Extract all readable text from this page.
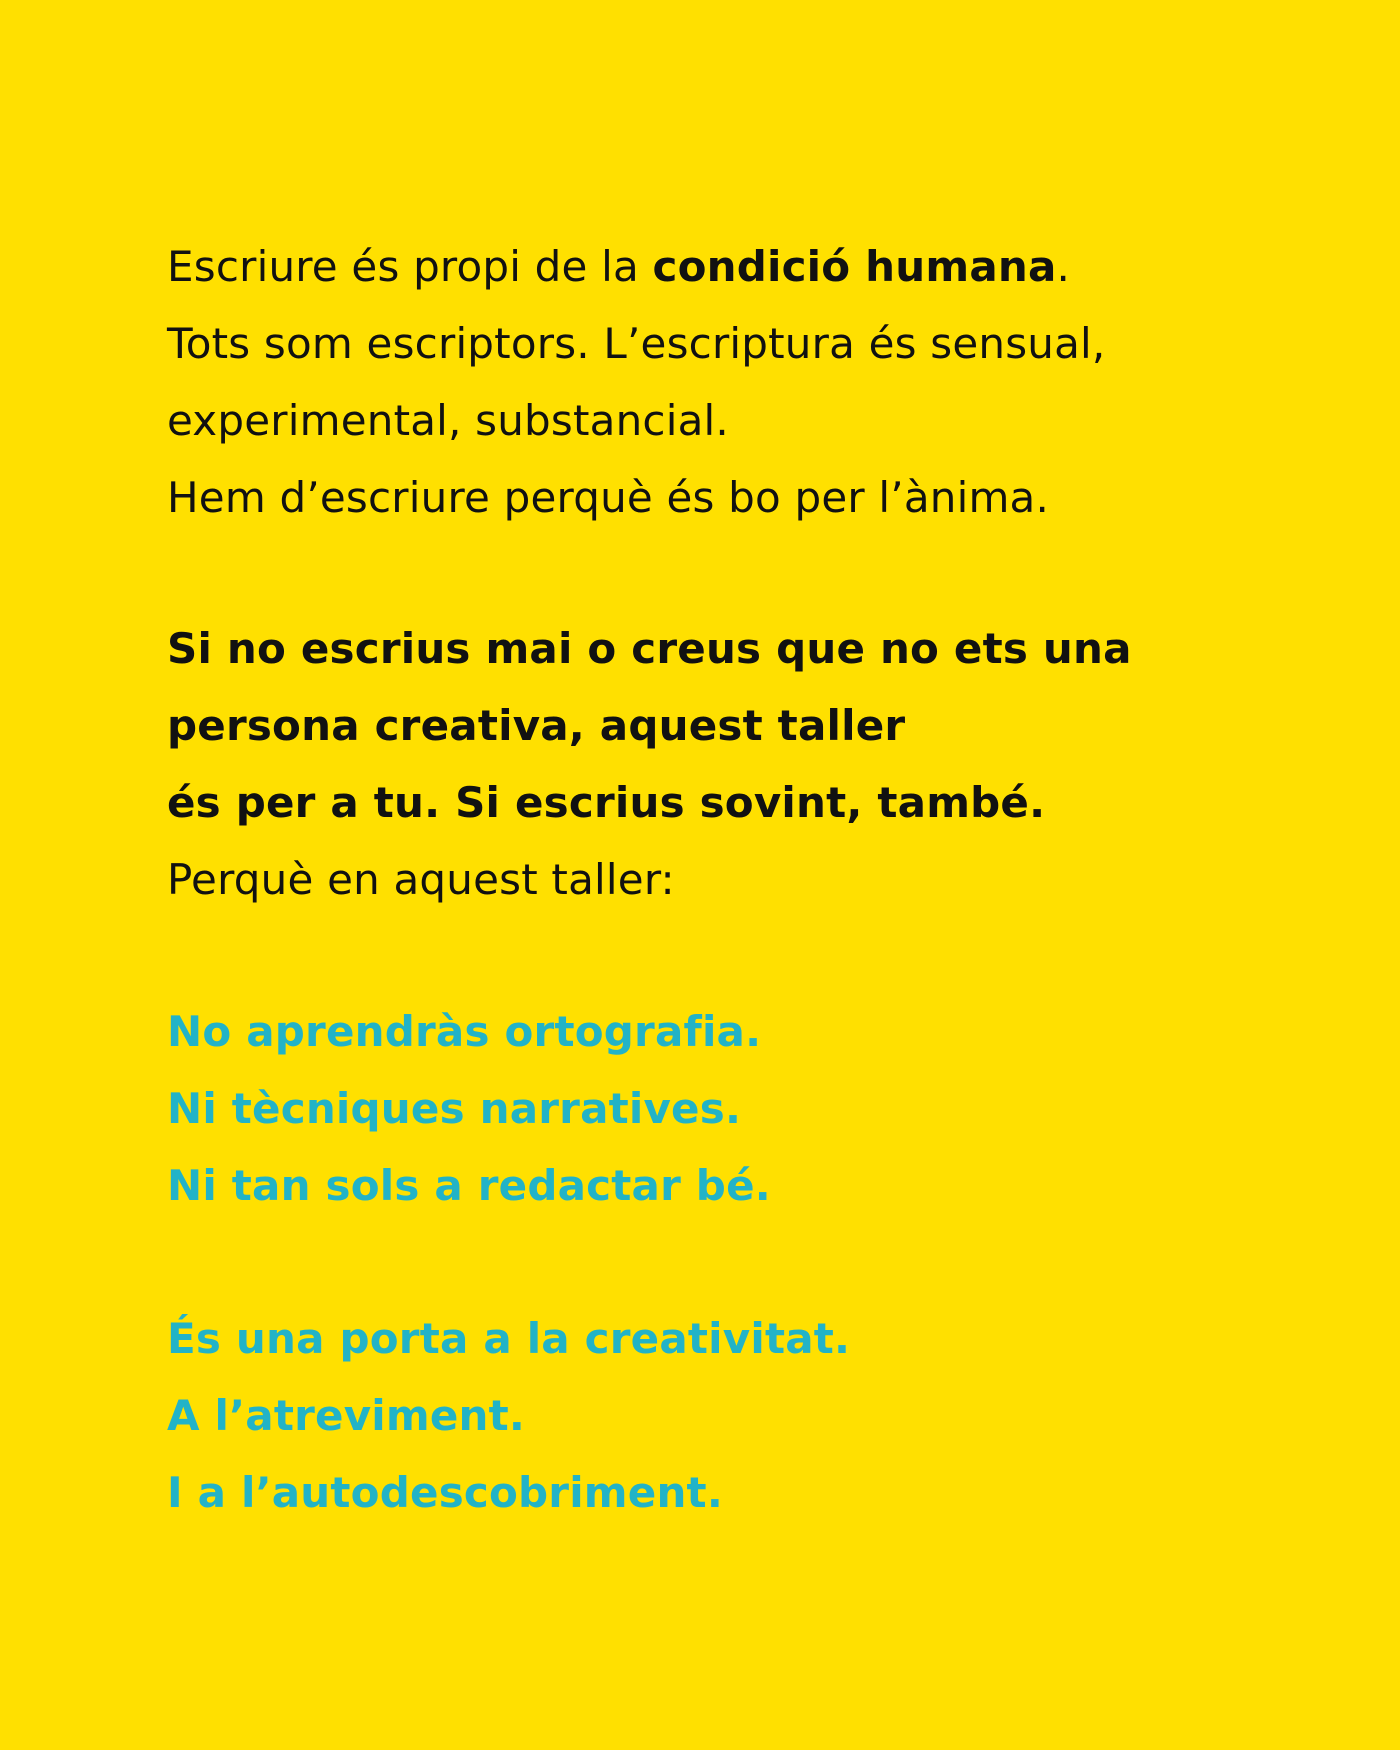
Escriure és propi de la condició humana.
Tots som escriptors. L’escriptura és sensual,
experimental, substancial.
Hem d’escriure perquè és bo per l’ànima.
Si no escrius mai o creus que no ets una
persona creativa, aquest taller
és per a tu. Si escrius sovint, també.
Perquè en aquest taller:
No aprendràs ortografia.
Ni tècniques narratives.
Ni tan sols a redactar bé.
És una porta a la creativitat.
A l’atreviment.
I a l’autodescobriment.
